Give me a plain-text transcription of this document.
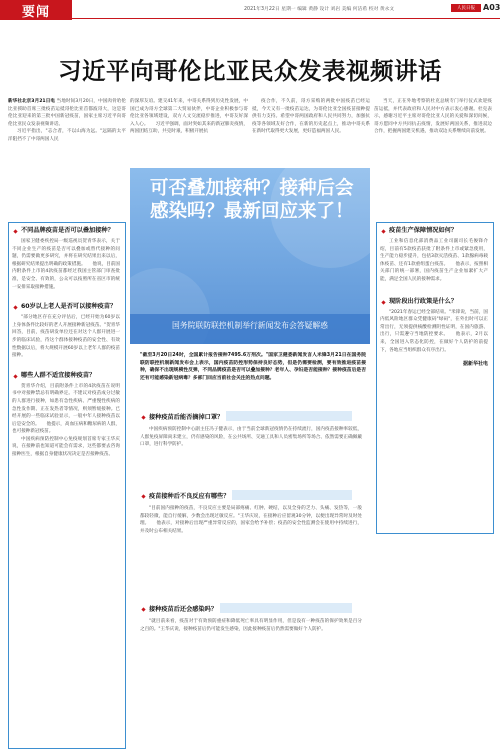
要闻	2021年3月22日 星期一 编辑 黄静 设计 刘岩 美编 何洁希 校对 黄永文	人民日报	A03
习近平向哥伦比亚民众发表视频讲话

新华社北京3月21日电 当地时间3月20日，中国肉骨哈伦比亚援助首席三批疫苗运抵哥伦比亚首都波哥大，这是哥伦比亚迎来的第三批中国新冠疫苗，国家主席习近平向哥伦比亚民众发表视频讲话。

习近平指出，"志合者，不以山海为远。"远隔的太平洋阻挡不了中哥两国人民

的深厚友谊。建交41年来，中哥关系得到历史性发展，中国已成为哥方全球第二大贸易伙伴，中哥企业积极参与哥伦比亚各领域建设，双方人文交流稳步推进，中哥友好深入人心。　　习近平强调，面对突如其来的新冠肺炎疫情，两国团结互助，共克时艰，积极开展抗

疫合作，不久前，哥方采购的两批中国疫苗已经运抵，今天又有一批疫苗运达，为哥伦比亚全国疫苗接种提供有力支持。希望中哥两国政府和人民共同努力，加强抗疫等各领域友好合作，在新的历史起点上，推动中哥关系在新时代取得更大发展，更好造福两国人民。

当天，正在外地考察的杜克总统专门举行仪式欢迎疫苗运抵，并代表政府和人民对中方表示衷心感谢。杜克表示，感谢习近平主席对哥伦比亚人民的关爱和深切问候，哥方愿同中方共同抗击疫情，发展好两国关系，推进双边合作，把握两国建交机遇，推动双边关系继续向前发展。

不同品牌疫苗是否可以叠加接种？

国家卫健委疾控局一级巡视员贺青华表示，关于不同企业生产的疫苗是否可以叠加或替代接种的问题，仍需要做更多研究，并将在研究结果出来以后，根据研究结果提出明确的政策措施。　　他说，目前国内附条件上市的4款疫苗都经过我国主管部门审查批准，是安全、有效的，公众可以按照所在省区市的统一安排采取接种措施。

60岁以上老人是否可以接种疫苗？

"部分地区存在充分评估后，已经开始为60岁以上身体条件比较好的老人开展接种新冠疫苗。"贺青华回答，目前，疫苗研发单位还在对这个人群开展进一步的临床试验，待这个群体接种疫苗的安全性、有效性数据以后，将大规模开展60岁以上老年人群的疫苗接种。

哪些人群不适宜接种疫苗？

贺青华介绍，目前附条件上市的4款疫苗在说明书中对接种禁忌有明确界定。不建议对疫苗成分过敏的人群进行接种，如患有急性疾病、严重慢性疾病的急性发作期、正在发热者等情况，则须暂缓接种。已经开展的一些临床试验显示，一般中年人接种疫苗以后是安全的。　　他提示，高血压病和糖尿病的人群，也可接种新冠疫苗。

中国疾病预防控制中心免疫规划首席专家王华庆说，在接种前也知道可能会有需求，这些都要去咨询接种医生，根据自身健康状况决定是否接种疫苗。

可否叠加接种？接种后会感染吗？最新回应来了！
国务院联防联控机制举行新闻发布会答疑解惑

"截至3月20日24时，全国累计报告接种7495.6万剂次。"国家卫健委新闻发言人米锋3月21日在国务院联防联控机制新闻发布会上表示，国内疫苗防控形势保持良好态势，但是仍需要检测，要有效推进疫苗接种，确保不出现规模性反弹，不同品牌疫苗是否可以叠加接种？老年人、孕妇是否能接种？接种疫苗后是否还有可能感染新冠病毒？多部门回应当前社会关注的热点问题。

接种疫苗后能否摘掉口罩？

中国疾病预防控制中心副主任冯子健表示，由于当前全球新冠疫情仍在持续流行，国内疫苗接种率较低，人群免疫屏障尚未建立，仍有感染的风险，在公共场所、交通工具和人员密集场所等场合、依然需要正确佩戴口罩，进行科学防护。

疫苗接种后不良反应有哪些？

"目前国内接种的疫苗，不良反应主要是局部疼痛、红肿、硬结，以及全身的乏力、头痛、发热等，一般都较轻微，能自行缓解，少数会出现过敏反应。"王华庆说，在接种后应留观30分钟，以便出现异常时及时处理。　　他表示，对接种后出现严重异常反应的，国家会给予补偿；疫苗的安全性监测会在使用中持续进行，并及时公布相关结果。

接种疫苗后还会感染吗？

"就目前来看，疫苗对于有效预防重症和降低死亡率具有明显作用，但是没有一种疫苗的保护效果是百分之百的。"王华庆说，接种疫苗后仍可能发生感染，因此接种疫苗后仍然需要做好个人防护。

疫苗生产保障情况如何？

工业和信息化部消费品工业司副司长毛俊锋介绍，目前有5款疫苗获批了附条件上市或紧急使用，生产能力稳步提升，包括3款灭活疫苗、1款腺病毒载体疫苗、还有1款重组蛋白疫苗。　　他表示，按照相关部门的统一部署，国内疫苗生产企业加紧扩大产能，满足全国人民的接种需求。

现阶段出行政策是什么？

"2021年春运已经全部结束。"米锋说，当前，国内低风险地区群众凭健康码"绿码"，在外出时可以正常出行，无须提供核酸检测阴性证明，在国内旅游、出行，只需遵守当地防控要求。　　他表示，2月以来，全国进入常态化防控，在做好个人防护的前提下，各地应当组织群众有序出行。

据新华社电
